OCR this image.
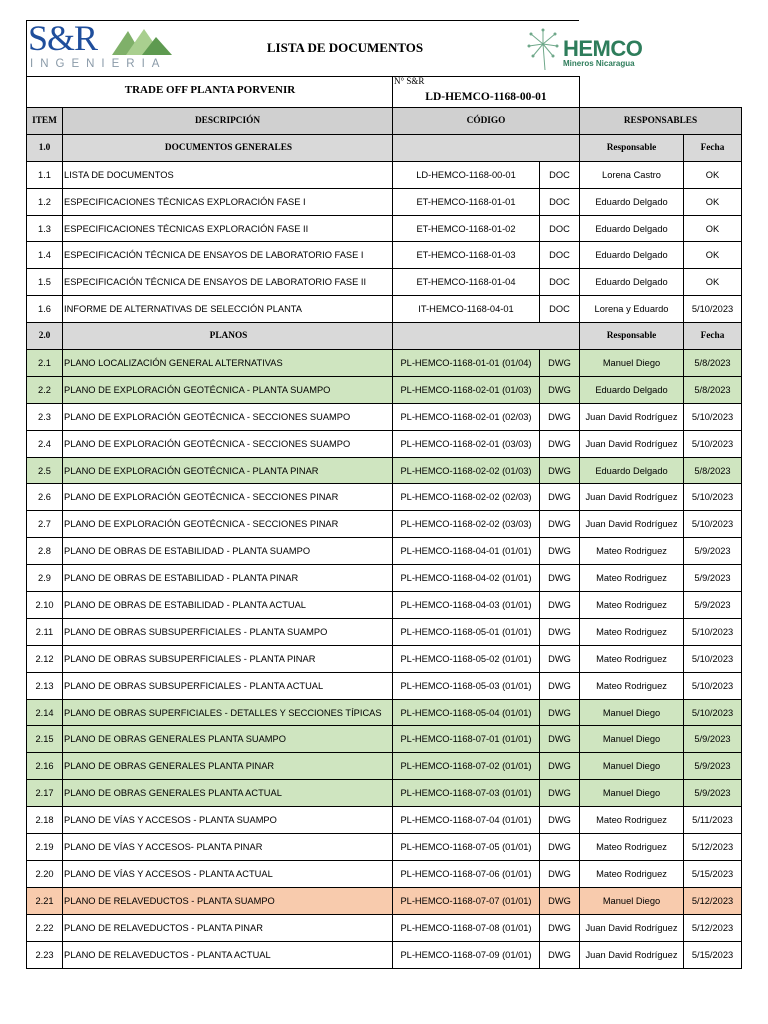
S&R
INGENIERIA
LISTA DE DOCUMENTOS	HEMCO
Mineros Nicaragua
TRADE OFF PLANTA PORVENIR
N° S&R
LD-HEMCO-1168-00-01
ITEM	DESCRIPCIÓN	CÓDIGO		RESPONSABLES	
1.0	DOCUMENTOS GENERALES			Responsable	Fecha
1.1	LISTA DE DOCUMENTOS	LD-HEMCO-1168-00-01	DOC	Lorena Castro	OK
1.2	ESPECIFICACIONES TÉCNICAS EXPLORACIÓN FASE I	ET-HEMCO-1168-01-01	DOC	Eduardo Delgado	OK
1.3	ESPECIFICACIONES TÉCNICAS EXPLORACIÓN FASE II	ET-HEMCO-1168-01-02	DOC	Eduardo Delgado	OK
1.4	ESPECIFICACIÓN TÉCNICA DE ENSAYOS DE LABORATORIO FASE I	ET-HEMCO-1168-01-03	DOC	Eduardo Delgado	OK
1.5	ESPECIFICACIÓN TÉCNICA DE ENSAYOS DE LABORATORIO FASE II	ET-HEMCO-1168-01-04	DOC	Eduardo Delgado	OK
1.6	INFORME DE ALTERNATIVAS DE SELECCIÓN PLANTA	IT-HEMCO-1168-04-01	DOC	Lorena y Eduardo	5/10/2023
2.0	PLANOS			Responsable	Fecha
2.1	PLANO LOCALIZACIÓN GENERAL ALTERNATIVAS	PL-HEMCO-1168-01-01 (01/04)	DWG	Manuel Diego	5/8/2023
2.2	PLANO DE EXPLORACIÓN GEOTÉCNICA - PLANTA SUAMPO	PL-HEMCO-1168-02-01 (01/03)	DWG	Eduardo Delgado	5/8/2023
2.3	PLANO DE EXPLORACIÓN GEOTÉCNICA - SECCIONES SUAMPO	PL-HEMCO-1168-02-01 (02/03)	DWG	Juan David Rodríguez	5/10/2023
2.4	PLANO DE EXPLORACIÓN GEOTÉCNICA - SECCIONES SUAMPO	PL-HEMCO-1168-02-01 (03/03)	DWG	Juan David Rodríguez	5/10/2023
2.5	PLANO DE EXPLORACIÓN GEOTÉCNICA - PLANTA PINAR	PL-HEMCO-1168-02-02 (01/03)	DWG	Eduardo Delgado	5/8/2023
2.6	PLANO DE EXPLORACIÓN GEOTÉCNICA - SECCIONES PINAR	PL-HEMCO-1168-02-02 (02/03)	DWG	Juan David Rodríguez	5/10/2023
2.7	PLANO DE EXPLORACIÓN GEOTÉCNICA - SECCIONES PINAR	PL-HEMCO-1168-02-02 (03/03)	DWG	Juan David Rodríguez	5/10/2023
2.8	PLANO DE OBRAS DE ESTABILIDAD - PLANTA SUAMPO	PL-HEMCO-1168-04-01 (01/01)	DWG	Mateo Rodriguez	5/9/2023
2.9	PLANO DE OBRAS DE ESTABILIDAD - PLANTA PINAR	PL-HEMCO-1168-04-02 (01/01)	DWG	Mateo Rodriguez	5/9/2023
2.10	PLANO DE OBRAS DE ESTABILIDAD - PLANTA ACTUAL	PL-HEMCO-1168-04-03 (01/01)	DWG	Mateo Rodriguez	5/9/2023
2.11	PLANO DE OBRAS SUBSUPERFICIALES - PLANTA SUAMPO	PL-HEMCO-1168-05-01 (01/01)	DWG	Mateo Rodriguez	5/10/2023
2.12	PLANO DE OBRAS SUBSUPERFICIALES - PLANTA PINAR	PL-HEMCO-1168-05-02 (01/01)	DWG	Mateo Rodriguez	5/10/2023
2.13	PLANO DE OBRAS SUBSUPERFICIALES - PLANTA ACTUAL	PL-HEMCO-1168-05-03 (01/01)	DWG	Mateo Rodriguez	5/10/2023
2.14	PLANO DE OBRAS SUPERFICIALES - DETALLES Y SECCIONES TÍPICAS	PL-HEMCO-1168-05-04 (01/01)	DWG	Manuel Diego	5/10/2023
2.15	PLANO DE OBRAS GENERALES PLANTA SUAMPO	PL-HEMCO-1168-07-01 (01/01)	DWG	Manuel Diego	5/9/2023
2.16	PLANO DE OBRAS GENERALES PLANTA PINAR	PL-HEMCO-1168-07-02 (01/01)	DWG	Manuel Diego	5/9/2023
2.17	PLANO DE OBRAS GENERALES PLANTA ACTUAL	PL-HEMCO-1168-07-03 (01/01)	DWG	Manuel Diego	5/9/2023
2.18	PLANO DE VÍAS Y ACCESOS - PLANTA SUAMPO	PL-HEMCO-1168-07-04 (01/01)	DWG	Mateo Rodriguez	5/11/2023
2.19	PLANO DE VÍAS Y ACCESOS- PLANTA PINAR	PL-HEMCO-1168-07-05 (01/01)	DWG	Mateo Rodriguez	5/12/2023
2.20	PLANO DE VÍAS Y ACCESOS - PLANTA ACTUAL	PL-HEMCO-1168-07-06 (01/01)	DWG	Mateo Rodriguez	5/15/2023
2.21	PLANO DE RELAVEDUCTOS - PLANTA SUAMPO	PL-HEMCO-1168-07-07 (01/01)	DWG	Manuel Diego	5/12/2023
2.22	PLANO DE RELAVEDUCTOS - PLANTA PINAR	PL-HEMCO-1168-07-08 (01/01)	DWG	Juan David Rodríguez	5/12/2023
2.23	PLANO DE RELAVEDUCTOS - PLANTA ACTUAL	PL-HEMCO-1168-07-09 (01/01)	DWG	Juan David Rodríguez	5/15/2023
